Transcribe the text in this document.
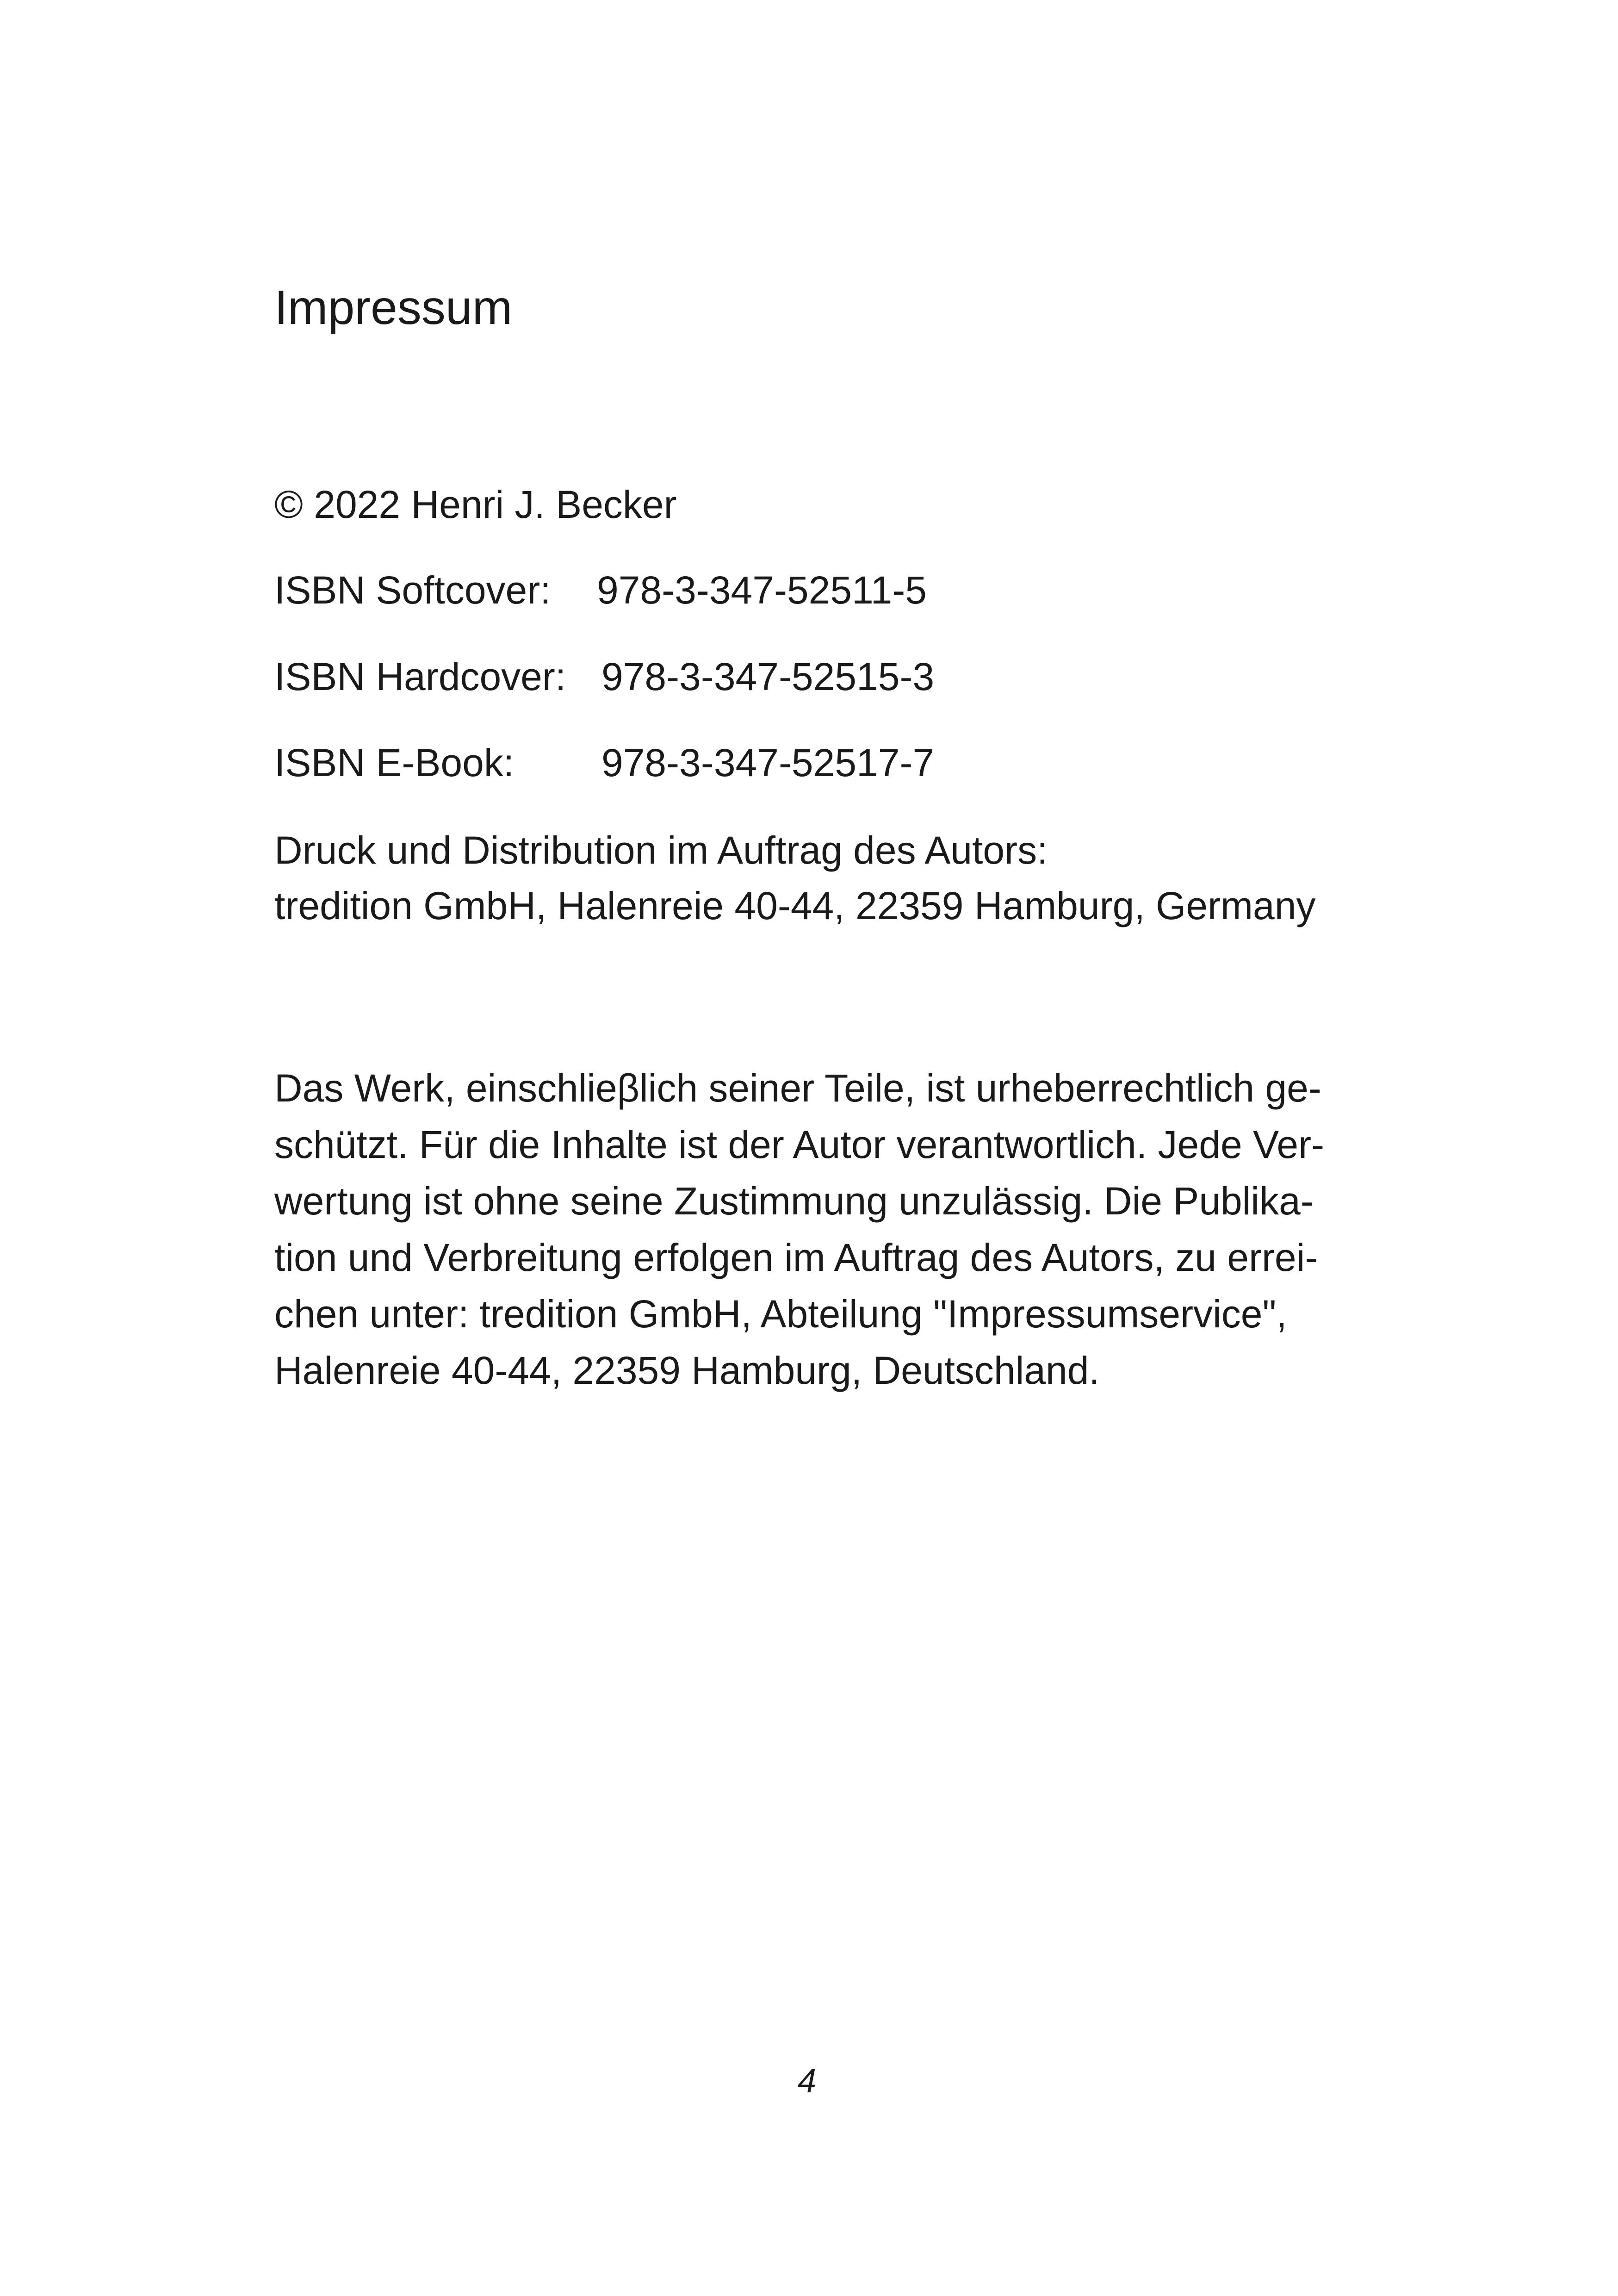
Impressum
© 2022 Henri J. Becker
ISBN Softcover: 978-3-347-52511-5
ISBN Hardcover: 978-3-347-52515-3
ISBN E-Book: 978-3-347-52517-7
Druck und Distribution im Auftrag des Autors:
tredition GmbH, Halenreie 40-44, 22359 Hamburg, Germany
Das Werk, einschlieβlich seiner Teile, ist urheberrechtlich ge-
schützt. Für die Inhalte ist der Autor verantwortlich. Jede Ver-
wertung ist ohne seine Zustimmung unzulässig. Die Publika-
tion und Verbreitung erfolgen im Auftrag des Autors, zu errei-
chen unter: tredition GmbH, Abteilung "Impressumservice",
Halenreie 40-44, 22359 Hamburg, Deutschland.
4
